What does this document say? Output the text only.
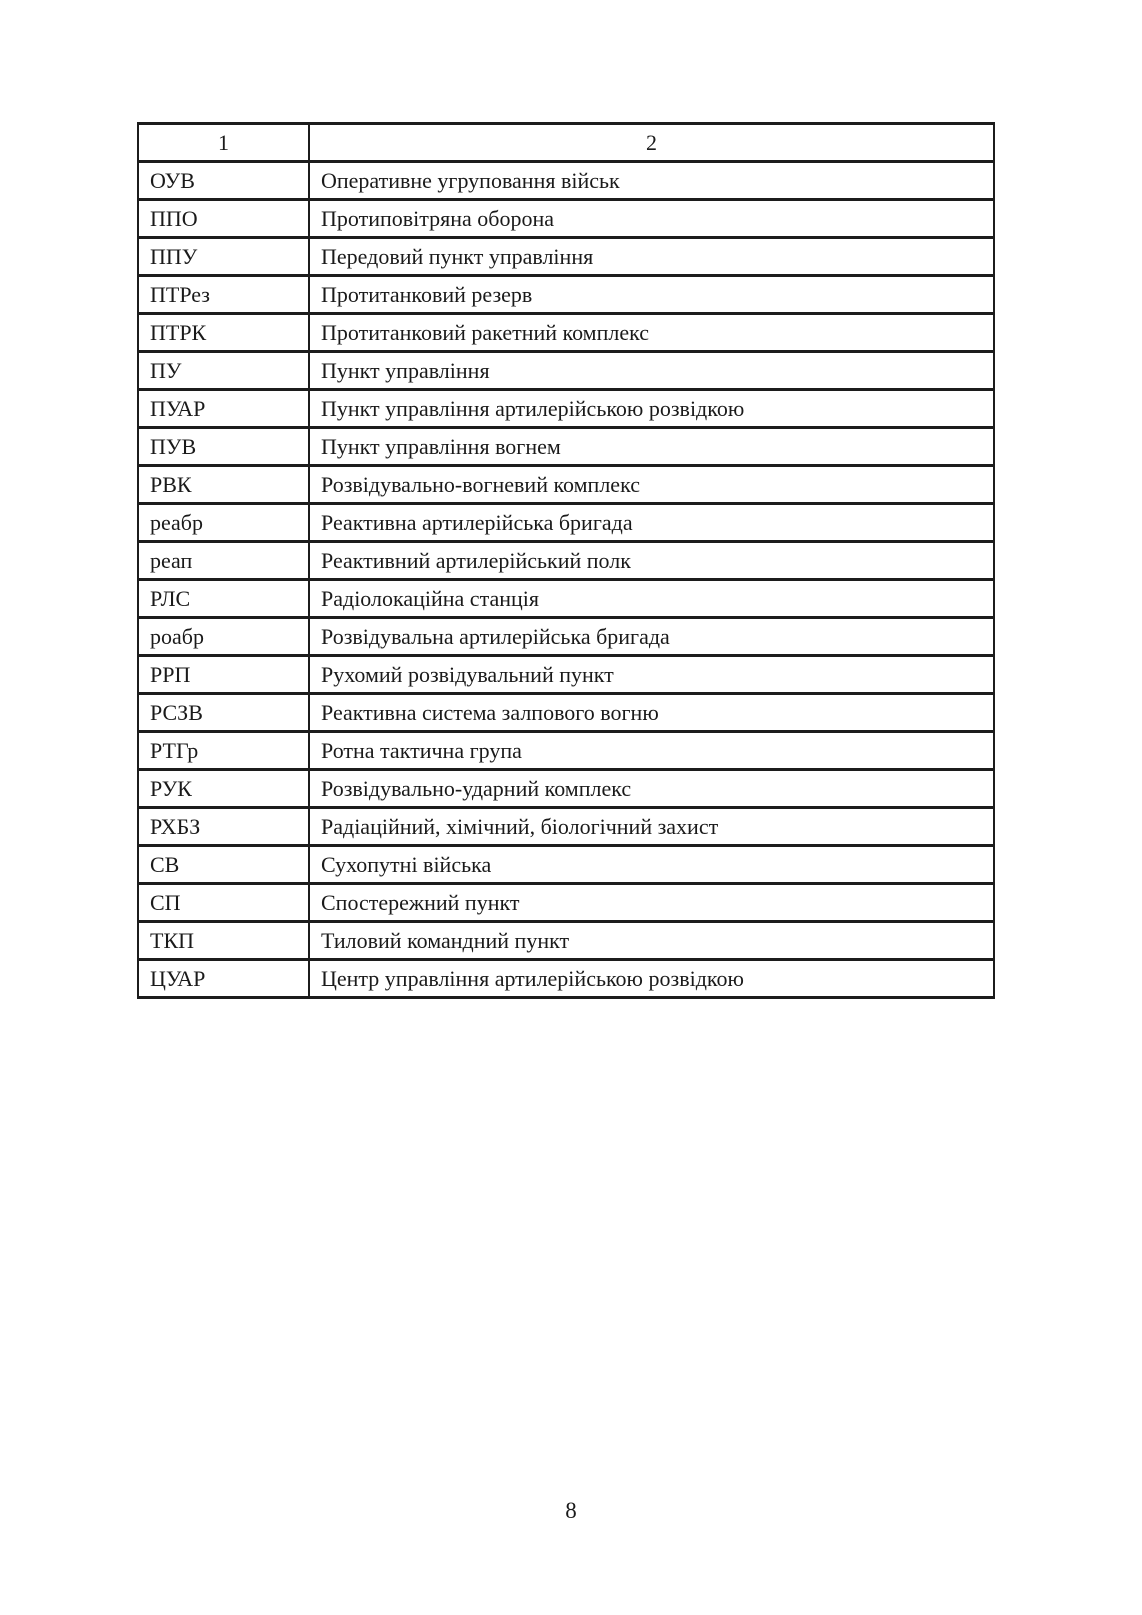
1	2
ОУВ	Оперативне угруповання військ
ППО	Протиповітряна оборона
ППУ	Передовий пункт управління
ПТРез	Протитанковий резерв
ПТРК	Протитанковий ракетний комплекс
ПУ	Пункт управління
ПУАР	Пункт управління артилерійською розвідкою
ПУВ	Пункт управління вогнем
РВК	Розвідувально-вогневий комплекс
реабр	Реактивна артилерійська бригада
реап	Реактивний артилерійський полк
РЛС	Радіолокаційна станція
роабр	Розвідувальна артилерійська бригада
РРП	Рухомий розвідувальний пункт
РСЗВ	Реактивна система залпового вогню
РТГр	Ротна тактична група
РУК	Розвідувально-ударний комплекс
РХБЗ	Радіаційний, хімічний, біологічний захист
СВ	Сухопутні війська
СП	Спостережний пункт
ТКП	Тиловий командний пункт
ЦУАР	Центр управління артилерійською розвідкою
8
